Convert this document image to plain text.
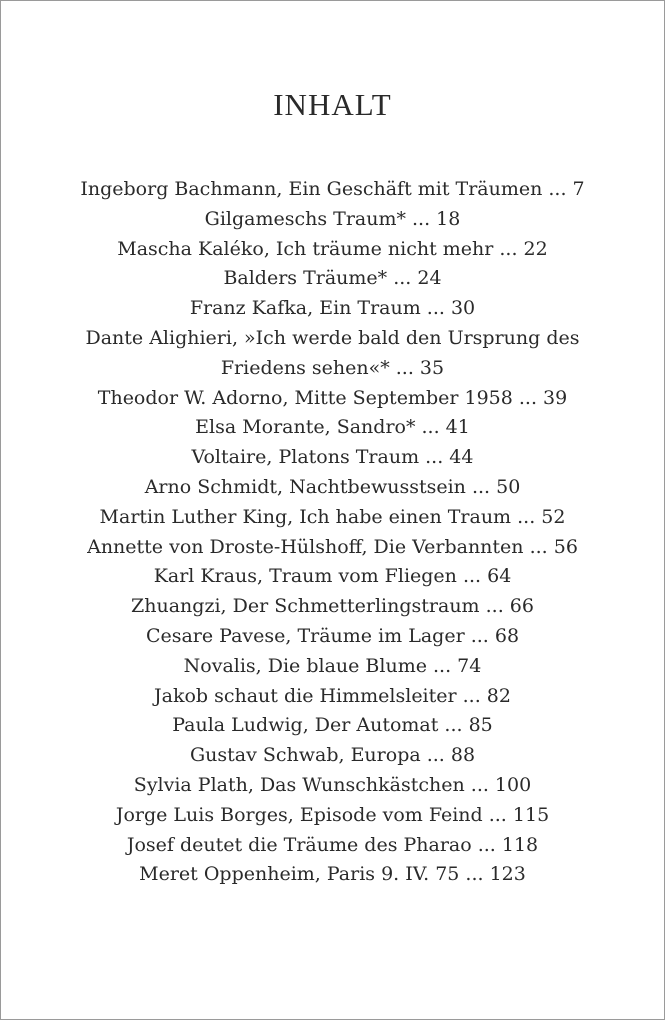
INHALT
Ingeborg Bachmann, Ein Geschäft mit Träumen ... 7
Gilgameschs Traum* ... 18
Mascha Kaléko, Ich träume nicht mehr ... 22
Balders Träume* ... 24
Franz Kafka, Ein Traum ... 30
Dante Alighieri, »Ich werde bald den Ursprung des
Friedens sehen«* ... 35
Theodor W. Adorno, Mitte September 1958 ... 39
Elsa Morante, Sandro* ... 41
Voltaire, Platons Traum ... 44
Arno Schmidt, Nachtbewusstsein ... 50
Martin Luther King, Ich habe einen Traum ... 52
Annette von Droste-Hülshoff, Die Verbannten ... 56
Karl Kraus, Traum vom Fliegen ... 64
Zhuangzi, Der Schmetterlingstraum ... 66
Cesare Pavese, Träume im Lager ... 68
Novalis, Die blaue Blume ... 74
Jakob schaut die Himmelsleiter ... 82
Paula Ludwig, Der Automat ... 85
Gustav Schwab, Europa ... 88
Sylvia Plath, Das Wunschkästchen ... 100
Jorge Luis Borges, Episode vom Feind ... 115
Josef deutet die Träume des Pharao ... 118
Meret Oppenheim, Paris 9. IV. 75 ... 123
